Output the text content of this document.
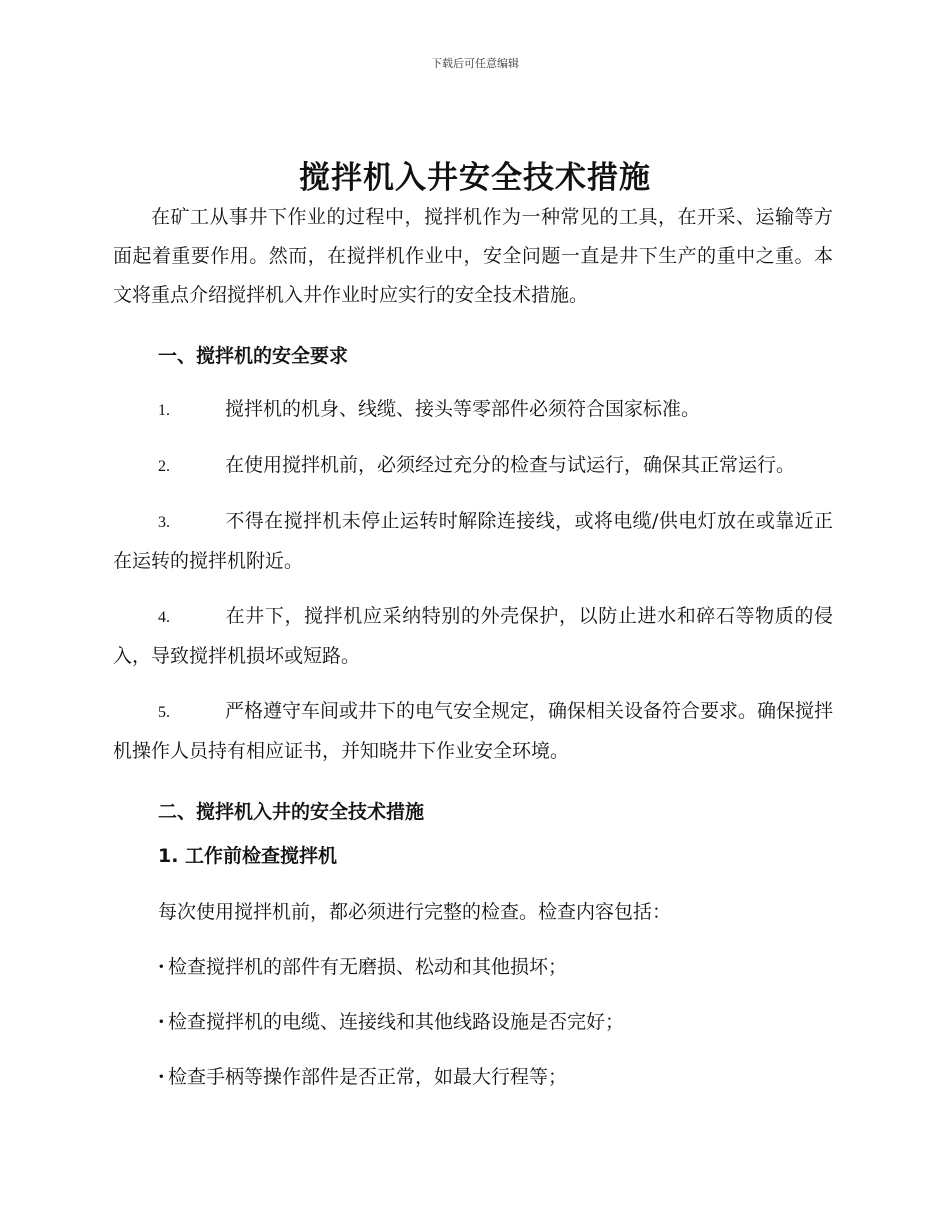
下载后可任意编辑
搅拌机入井安全技术措施

在矿工从事井下作业的过程中，搅拌机作为一种常见的工具，在开采、运输等方面起着重要作用。然而，在搅拌机作业中，安全问题一直是井下生产的重中之重。本文将重点介绍搅拌机入井作业时应实行的安全技术措施。

一、搅拌机的安全要求

1.	搅拌机的机身、线缆、接头等零部件必须符合国家标准。

2.	在使用搅拌机前，必须经过充分的检查与试运行，确保其正常运行。

3.	不得在搅拌机未停止运转时解除连接线，或将电缆/供电灯放在或靠近正在运转的搅拌机附近。

4.	在井下，搅拌机应采纳特别的外壳保护，以防止进水和碎石等物质的侵入，导致搅拌机损坏或短路。

5.	严格遵守车间或井下的电气安全规定，确保相关设备符合要求。确保搅拌机操作人员持有相应证书，并知晓井下作业安全环境。

二、搅拌机入井的安全技术措施
1. 工作前检查搅拌机

每次使用搅拌机前，都必须进行完整的检查。检查内容包括：

· 检查搅拌机的部件有无磨损、松动和其他损坏；

· 检查搅拌机的电缆、连接线和其他线路设施是否完好；

· 检查手柄等操作部件是否正常，如最大行程等；
